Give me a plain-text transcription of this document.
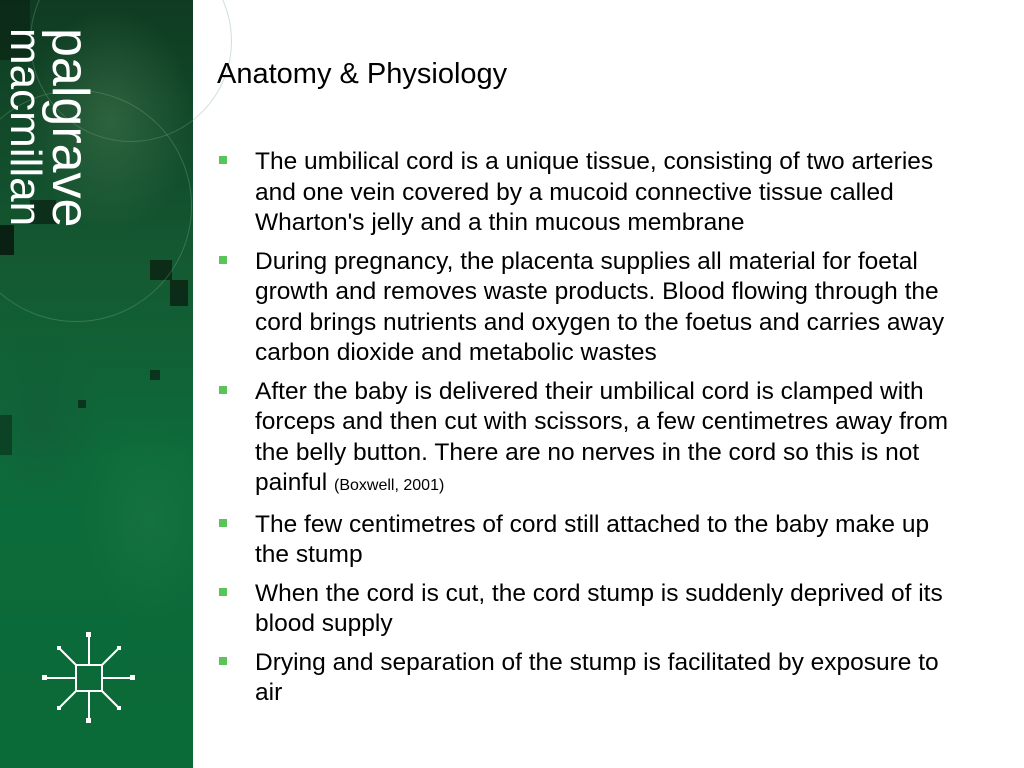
palgrave
macmillan	Anatomy & Physiology
The umbilical cord is a unique tissue, consisting of two arteries and one vein covered by a mucoid connective tissue called Wharton's jelly and a thin mucous membrane
During pregnancy, the placenta supplies all material for foetal growth and removes waste products. Blood flowing through the cord brings nutrients and oxygen to the foetus and carries away carbon dioxide and metabolic wastes
After the baby is delivered their umbilical cord is clamped with forceps and then cut with scissors, a few centimetres away from the belly button. There are no nerves in the cord so this is not painful (Boxwell, 2001)
The few centimetres of cord still attached to the baby make up the stump
When the cord is cut, the cord stump is suddenly deprived of its blood supply
Drying and separation of the stump is facilitated by exposure to air
